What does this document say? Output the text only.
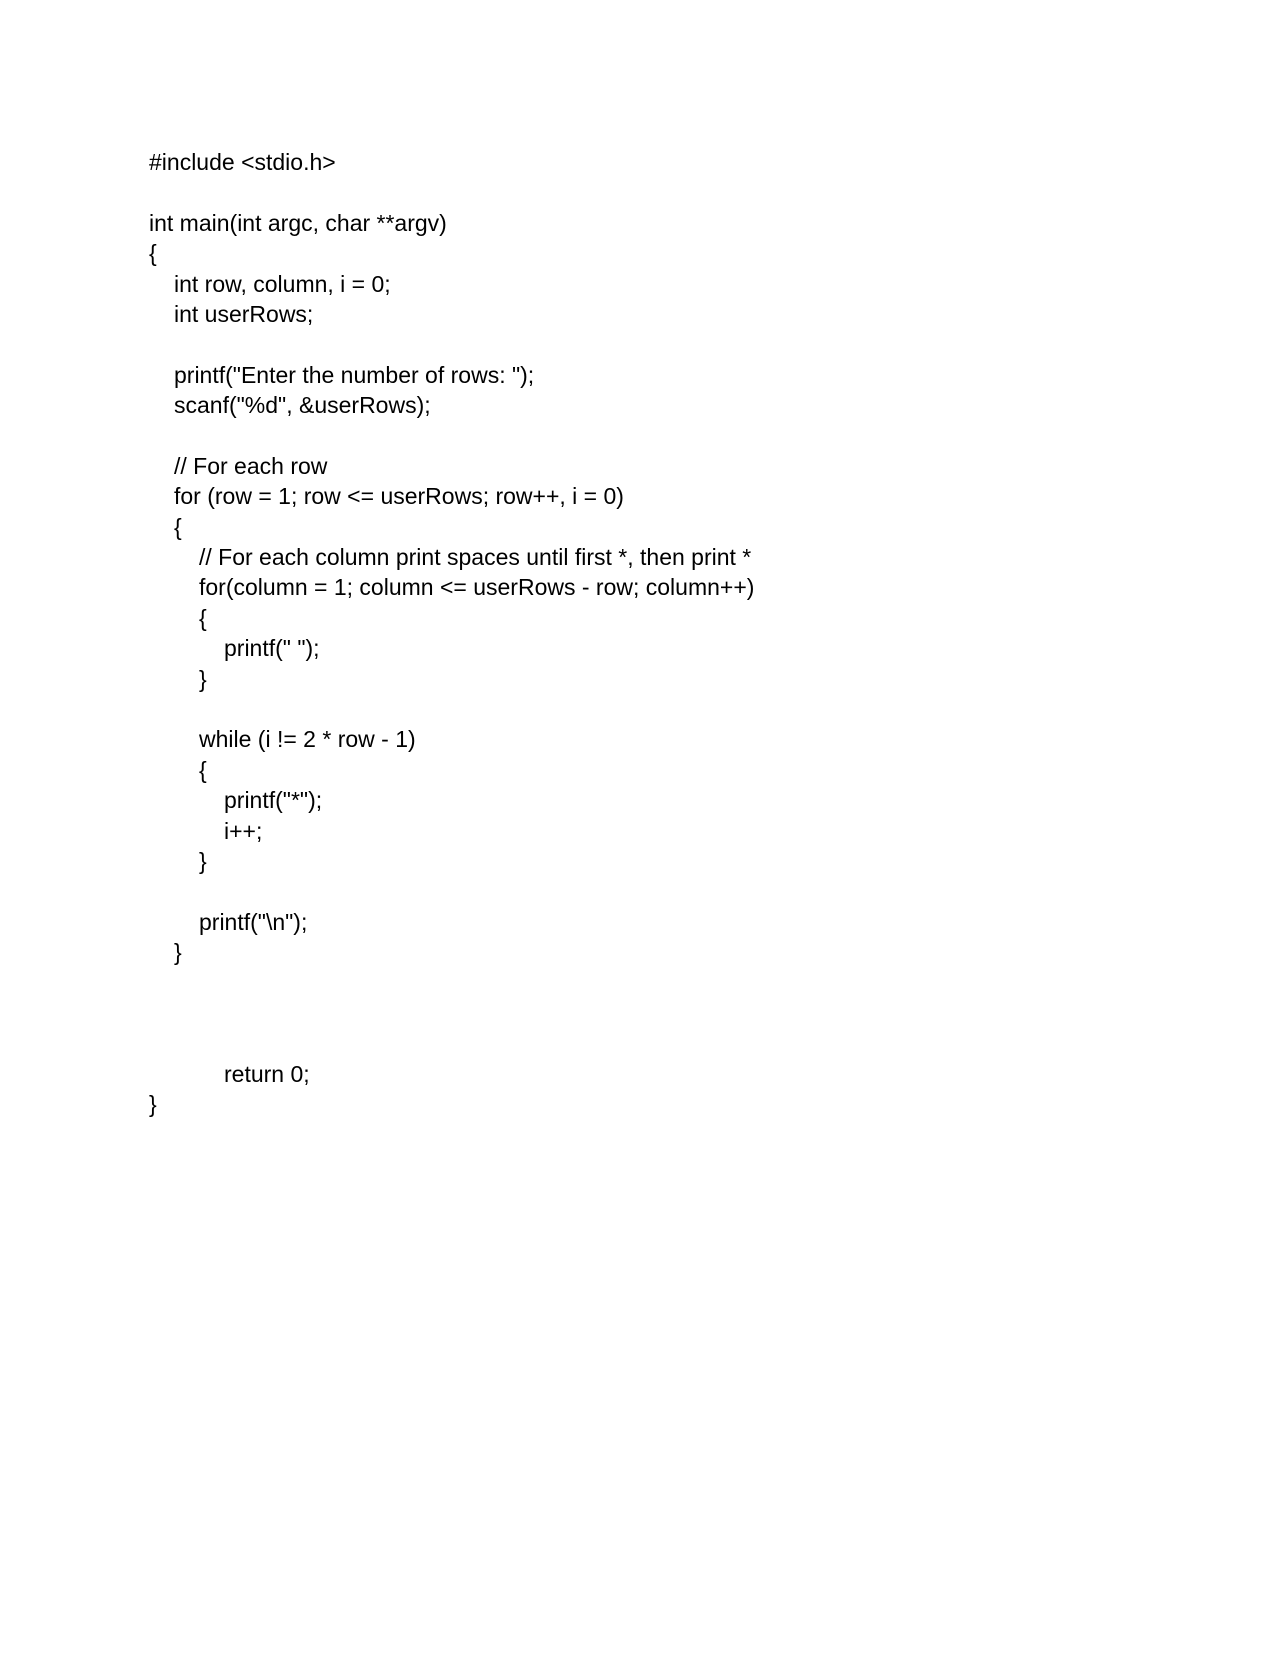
#include <stdio.h>
int main(int argc, char **argv)
{
int row, column, i = 0;
int userRows;
printf("Enter the number of rows: ");
scanf("%d", &userRows);
// For each row
for (row = 1; row <= userRows; row++, i = 0)
{
// For each column print spaces until first *, then print *
for(column = 1; column <= userRows - row; column++)
{
printf(" ");
}
while (i != 2 * row - 1)
{
printf("*");
i++;
}
printf("\n");
}
return 0;
}
